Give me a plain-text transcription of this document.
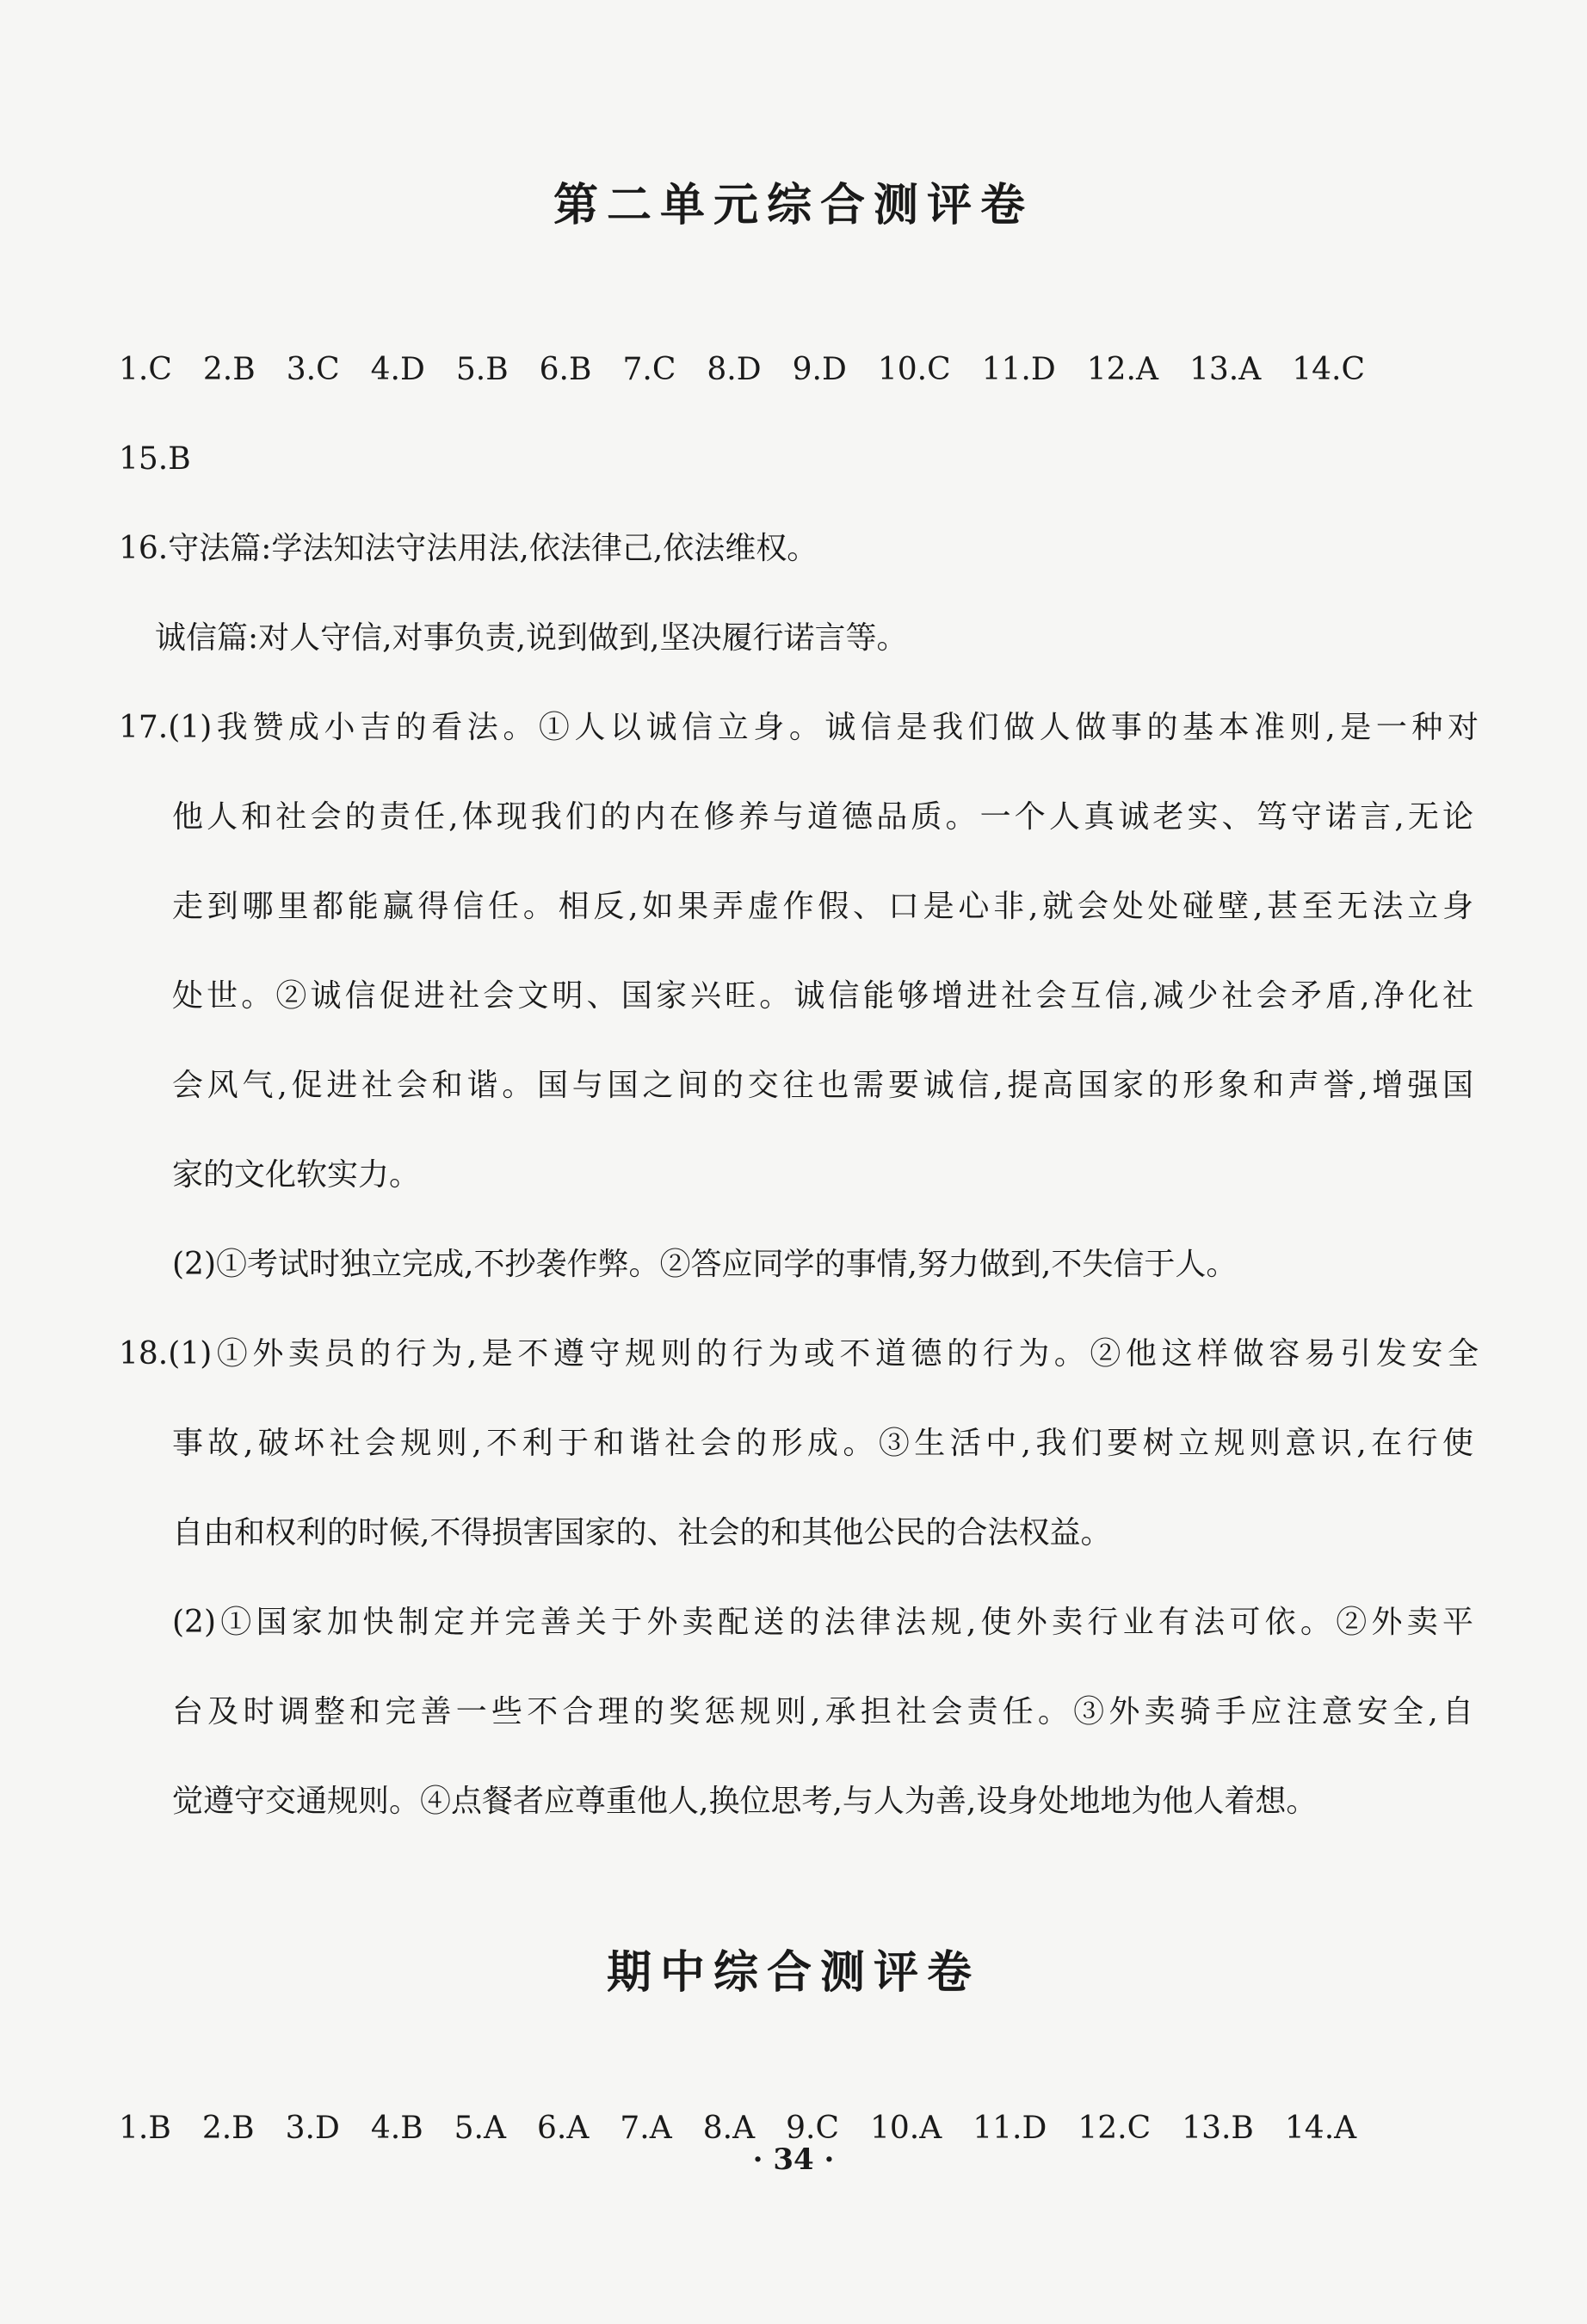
第二单元综合测评卷
1.C 2.B 3.C 4.D 5.B 6.B 7.C 8.D 9.D 10.C 11.D 12.A 13.A 14.C
15.B
16.守法篇:学法知法守法用法,依法律己,依法维权。
诚信篇:对人守信,对事负责,说到做到,坚决履行诺言等。
17.(1)我赞成小吉的看法。①人以诚信立身。诚信是我们做人做事的基本准则,是一种对
他人和社会的责任,体现我们的内在修养与道德品质。一个人真诚老实、笃守诺言,无论
走到哪里都能赢得信任。相反,如果弄虚作假、口是心非,就会处处碰壁,甚至无法立身
处世。②诚信促进社会文明、国家兴旺。诚信能够增进社会互信,减少社会矛盾,净化社
会风气,促进社会和谐。国与国之间的交往也需要诚信,提高国家的形象和声誉,增强国
家的文化软实力。
(2)①考试时独立完成,不抄袭作弊。②答应同学的事情,努力做到,不失信于人。
18.(1)①外卖员的行为,是不遵守规则的行为或不道德的行为。②他这样做容易引发安全
事故,破坏社会规则,不利于和谐社会的形成。③生活中,我们要树立规则意识,在行使
自由和权利的时候,不得损害国家的、社会的和其他公民的合法权益。
(2)①国家加快制定并完善关于外卖配送的法律法规,使外卖行业有法可依。②外卖平
台及时调整和完善一些不合理的奖惩规则,承担社会责任。③外卖骑手应注意安全,自
觉遵守交通规则。④点餐者应尊重他人,换位思考,与人为善,设身处地地为他人着想。
期中综合测评卷
1.B 2.B 3.D 4.B 5.A 6.A 7.A 8.A 9.C 10.A 11.D 12.C 13.B 14.A
· 34 ·
